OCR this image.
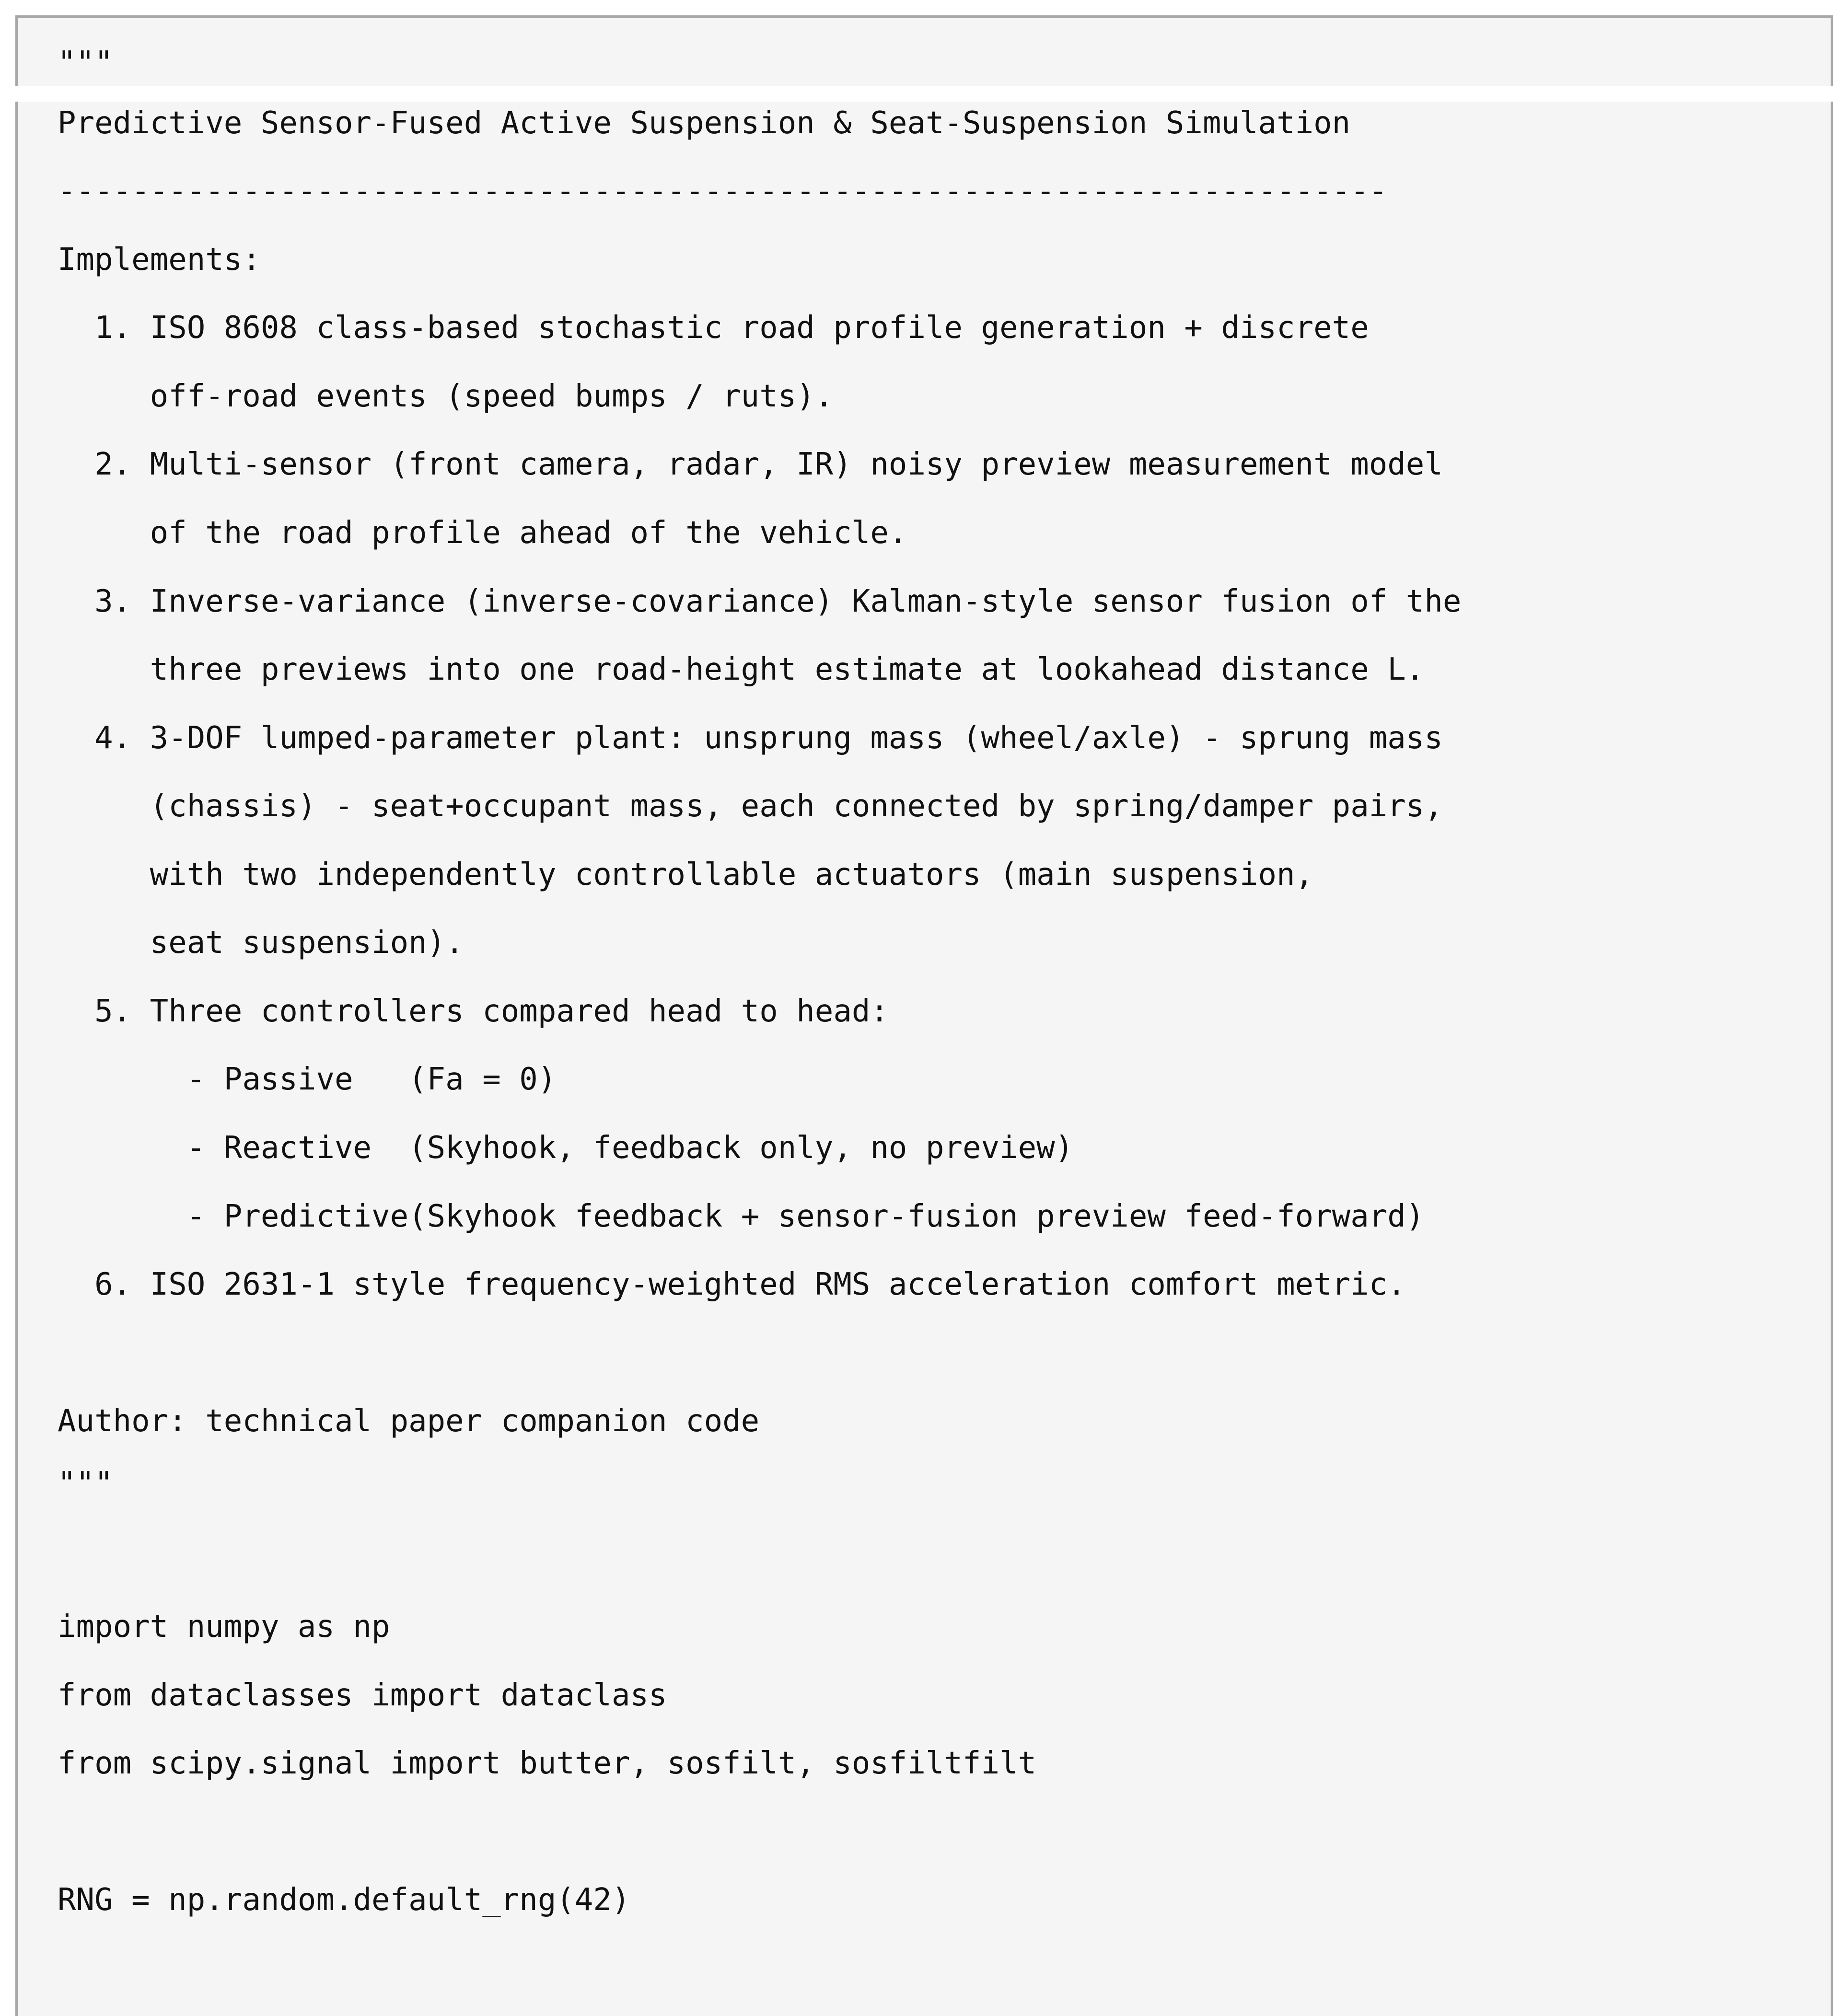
"""
Predictive Sensor-Fused Active Suspension & Seat-Suspension Simulation
------------------------------------------------------------------------
Implements:
1. ISO 8608 class-based stochastic road profile generation + discrete
off-road events (speed bumps / ruts).
2. Multi-sensor (front camera, radar, IR) noisy preview measurement model
of the road profile ahead of the vehicle.
3. Inverse-variance (inverse-covariance) Kalman-style sensor fusion of the
three previews into one road-height estimate at lookahead distance L.
4. 3-DOF lumped-parameter plant: unsprung mass (wheel/axle) - sprung mass
(chassis) - seat+occupant mass, each connected by spring/damper pairs,
with two independently controllable actuators (main suspension,
seat suspension).
5. Three controllers compared head to head:
- Passive   (Fa = 0)
- Reactive  (Skyhook, feedback only, no preview)
- Predictive(Skyhook feedback + sensor-fusion preview feed-forward)
6. ISO 2631-1 style frequency-weighted RMS acceleration comfort metric.
Author: technical paper companion code
"""
import numpy as np
from dataclasses import dataclass
from scipy.signal import butter, sosfilt, sosfiltfilt
RNG = np.random.default_rng(42)
